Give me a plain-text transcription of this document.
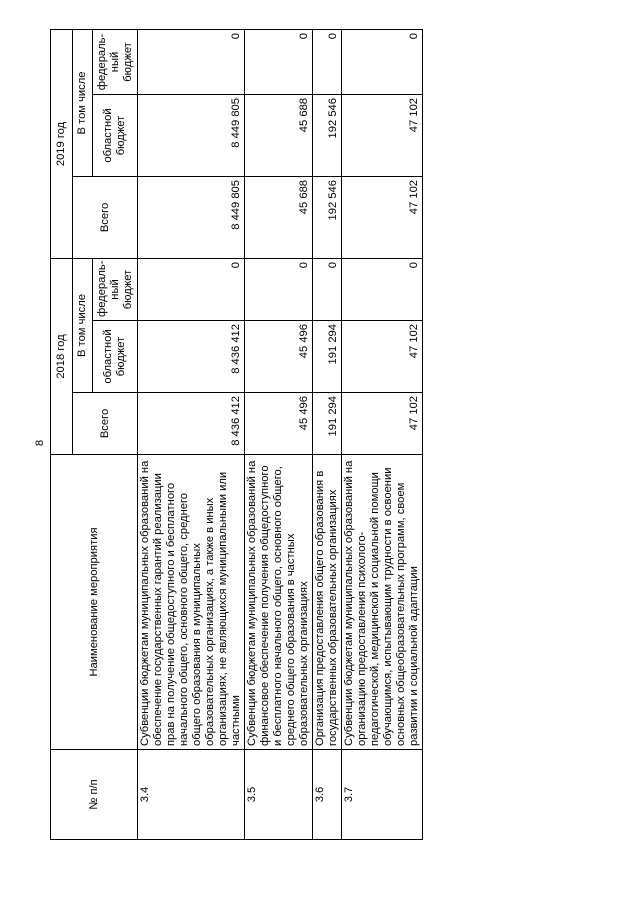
8
№ п/п	Наименование мероприятия	2018 год			2019 год		
		Всего	В том числе		Всего	В том числе	
			областной бюджет	федераль-ный бюджет		областной бюджет	федераль-ный бюджет
3.4	Субвенции бюджетам муниципальных образований на обеспечение государственных гарантий реализации прав на получение общедоступного и бесплатного начального общего, основного общего, среднего общего образования в муниципальных образовательных организациях, а также в иных организациях, не являющихся муниципальными или частными	8 436 412	8 436 412	0	8 449 805	8 449 805	0
3.5	Субвенции бюджетам муниципальных образований на финансовое обеспечение получения общедоступного и бесплатного начального общего, основного общего, среднего общего образования в частных образовательных организациях	45 496	45 496	0	45 688	45 688	0
3.6	Организация предоставления общего образования в государственных образовательных организациях	191 294	191 294	0	192 546	192 546	0
3.7	Субвенции бюджетам муниципальных образований на организацию предоставления психолого-педагогической, медицинской и социальной помощи обучающимся, испытывающим трудности в освоении основных общеобразовательных программ, своем развитии и социальной адаптации	47 102	47 102	0	47 102	47 102	0
